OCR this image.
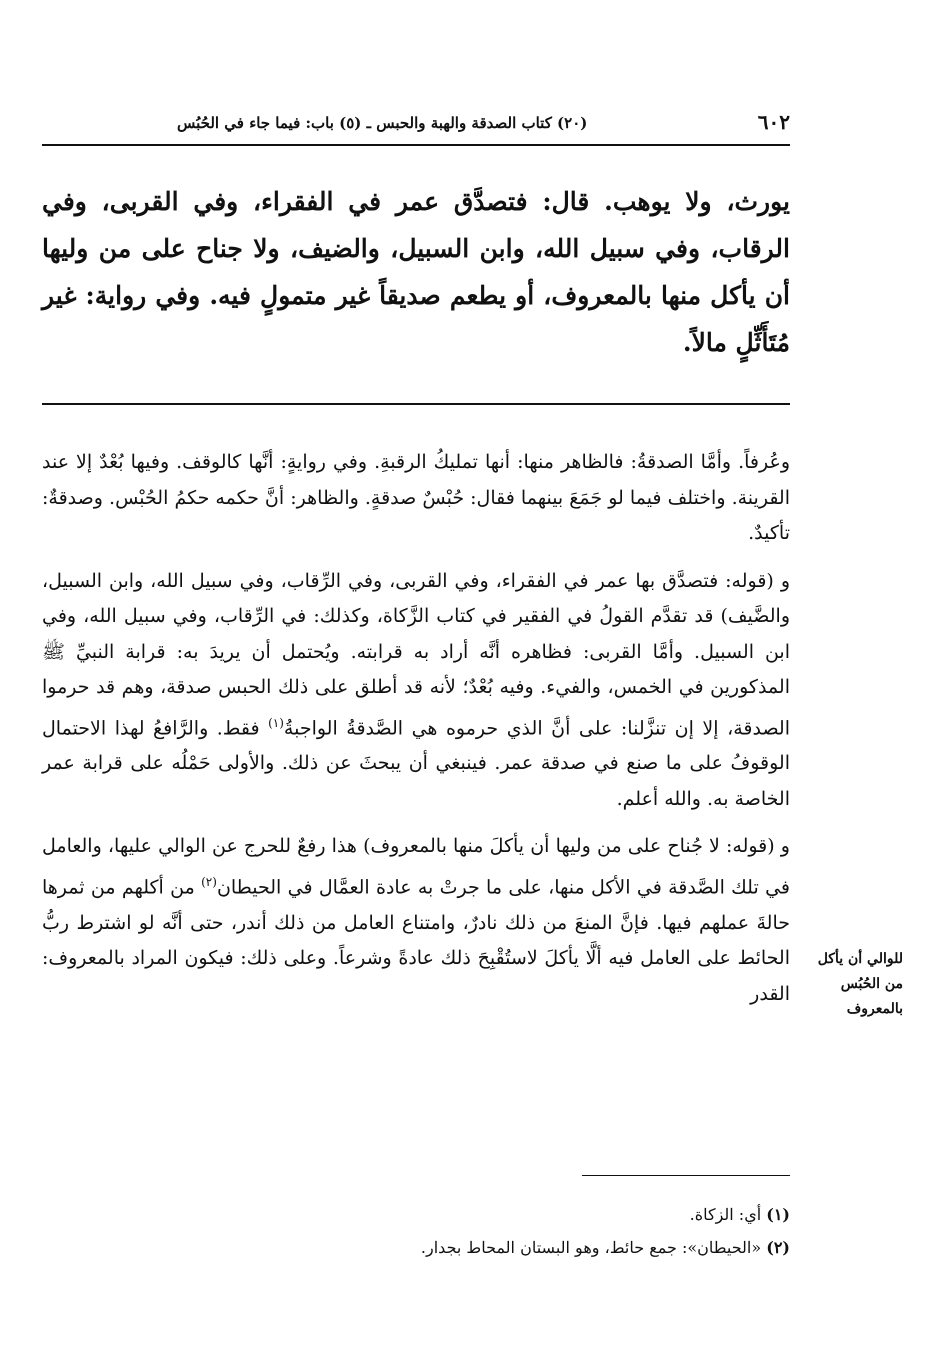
٦٠٢
(٢٠) كتاب الصدقة والهبة والحبس ـ (٥) باب: فيما جاء في الحُبُس
يورث، ولا يوهب. قال: فتصدَّق عمر في الفقراء، وفي القربى، وفي الرقاب، وفي سبيل الله، وابن السبيل، والضيف، ولا جناح على من وليها أن يأكل منها بالمعروف، أو يطعم صديقاً غير متمولٍ فيه. وفي رواية: غير مُتَأَثِّلٍ مالاً.

وعُرفاً. وأمَّا الصدقةُ: فالظاهر منها: أنها تمليكُ الرقبةِ. وفي روايةٍ: أنَّها كالوقف. وفيها بُعْدٌ إلا عند القرينة. واختلف فيما لو جَمَعَ بينهما فقال: حُبْسٌ صدقةٍ. والظاهر: أنَّ حكمه حكمُ الحُبْس. وصدقةٌ: تأكيدٌ.

و (قوله: فتصدَّق بها عمر في الفقراء، وفي القربى، وفي الرِّقاب، وفي سبيل الله، وابن السبيل، والضَّيف) قد تقدَّم القولُ في الفقير في كتاب الزَّكاة، وكذلك: في الرِّقاب، وفي سبيل الله، وفي ابن السبيل. وأمَّا القربى: فظاهره أنَّه أراد به قرابته. ويُحتمل أن يريدَ به: قرابة النبيِّ ﷺ المذكورين في الخمس، والفيء. وفيه بُعْدٌ؛ لأنه قد أطلق على ذلك الحبس صدقة، وهم قد حرموا الصدقة، إلا إن تنزَّلنا: على أنَّ الذي حرموه هي الصَّدقةُ الواجبةُ$^{(١)}$ فقط. والرَّافعُ لهذا الاحتمال الوقوفُ على ما صنع في صدقة عمر. فينبغي أن يبحثَ عن ذلك. والأولى حَمْلُه على قرابة عمر الخاصة به. والله أعلم.

و (قوله: لا جُناح على من وليها أن يأكلَ منها بالمعروف) هذا رفعٌ للحرج عن الوالي عليها، والعامل في تلك الصَّدقة في الأكل منها، على ما جرتْ به عادة العمَّال في الحيطان$^{(٢)}$ من أكلهم من ثمرها حالةَ عملهم فيها. فإنَّ المنعَ من ذلك نادرٌ، وامتناع العامل من ذلك أندر، حتى أنَّه لو اشترط ربُّ الحائط على العامل فيه ألَّا يأكلَ لاستُقْبِحَ ذلك عادةً وشرعاً. وعلى ذلك: فيكون المراد بالمعروف: القدر

للوالي أن يأكل من الحُبُس بالمعروف

(١) أي: الزكاة.

(٢) «الحيطان»: جمع حائط، وهو البستان المحاط بجدار.
